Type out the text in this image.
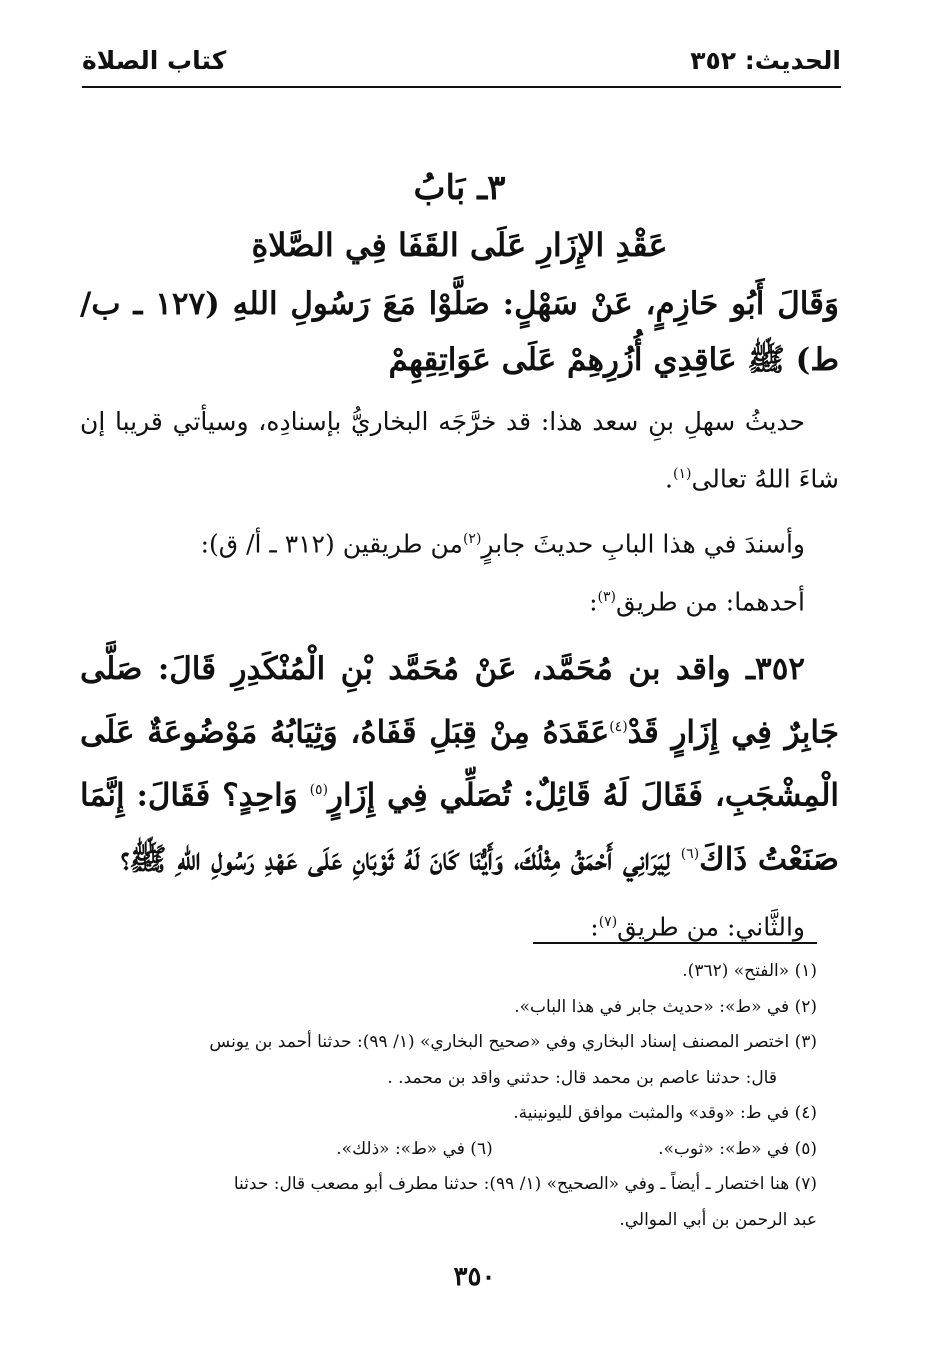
الحديث: ٣٥٢
كتاب الصلاة
٣ـ بَابُ
عَقْدِ الإِزَارِ عَلَى القَفَا فِي الصَّلاةِ
وَقَالَ أَبُو حَازِمٍ، عَنْ سَهْلٍ: صَلَّوْا مَعَ رَسُولِ اللهِ (١٢٧ ـ ب/ ط) ﷺ عَاقِدِي أُزُرِهِمْ عَلَى عَوَاتِقِهِمْ
حديثُ سهلِ بنِ سعد هذا: قد خرَّجَه البخاريُّ بإسنادِه، وسيأتي قريبا إن شاءَ اللهُ تعالى$^{(١)}$.
وأسندَ في هذا البابِ حديثَ جابرٍ$^{(٢)}$من طريقين (٣١٢ ـ أ/ ق):
أحدهما: من طريق$^{(٣)}$:
٣٥٢ـ واقد بن مُحَمَّد، عَنْ مُحَمَّد بْنِ الْمُنْكَدِرِ قَالَ: صَلَّى جَابِرٌ فِي إِزَارٍ قَدْ$^{(٤)}$عَقَدَهُ مِنْ قِبَلِ قَفَاهُ، وَثِيَابُهُ مَوْضُوعَةٌ عَلَى الْمِشْجَبِ، فَقَالَ لَهُ قَائِلٌ: تُصَلِّي فِي إِزَارٍ$^{(٥)}$ وَاحِدٍ؟ فَقَالَ: إِنَّمَا صَنَعْتُ ذَاكَ$^{(٦)}$ لِيَرَانِي أَحْمَقُ مِثْلُكَ، وَأَيُّنَا كَانَ لَهُ ثَوْبَانِ عَلَى عَهْدِ رَسُولِ اللهِ ﷺ؟
والثَّاني: من طريق$^{(٧)}$:
(١) «الفتح» (٣٦٢).
(٢) في «ط»: «حديث جابر في هذا الباب».
(٣) اختصر المصنف إسناد البخاري وفي «صحيح البخاري» (١/ ٩٩): حدثنا أحمد بن يونس
قال: حدثنا عاصم بن محمد قال: حدثني واقد بن محمد. .
(٤) في ط: «وقد» والمثبت موافق لليونينية.
(٥) في «ط»: «ثوب».
(٦) في «ط»: «ذلك».
(٧) هنا اختصار ـ أيضاً ـ وفي «الصحيح» (١/ ٩٩): حدثنا مطرف أبو مصعب قال: حدثنا
عبد الرحمن بن أبي الموالي.
٣٥٠
